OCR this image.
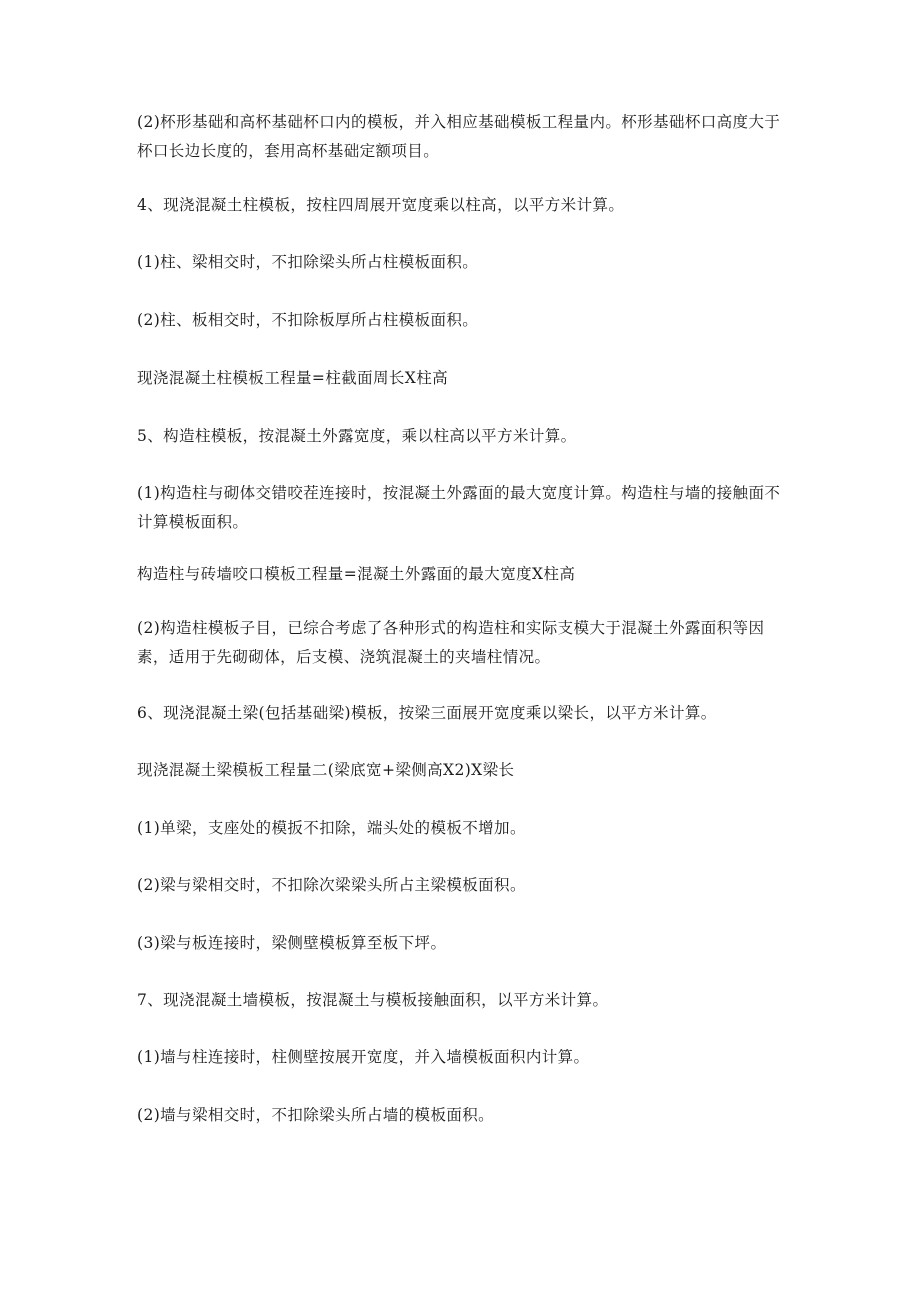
(2)杯形基础和高杯基础杯口内的模板，并入相应基础模板工程量内。杯形基础杯口高度大于杯口长边长度的，套用高杯基础定额项目。

4、现浇混凝土柱模板，按柱四周展开宽度乘以柱高，以平方米计算。

(1)柱、梁相交时，不扣除梁头所占柱模板面积。

(2)柱、板相交时，不扣除板厚所占柱模板面积。

现浇混凝土柱模板工程量=柱截面周长X柱高

5、构造柱模板，按混凝土外露宽度，乘以柱高以平方米计算。

(1)构造柱与砌体交错咬茬连接时，按混凝土外露面的最大宽度计算。构造柱与墙的接触面不计算模板面积。

构造柱与砖墙咬口模板工程量=混凝土外露面的最大宽度X柱高

(2)构造柱模板子目，已综合考虑了各种形式的构造柱和实际支模大于混凝土外露面积等因素，适用于先砌砌体，后支模、浇筑混凝土的夹墙柱情况。

6、现浇混凝土梁(包括基础梁)模板，按梁三面展开宽度乘以梁长，以平方米计算。

现浇混凝土梁模板工程量二(梁底宽+梁侧高X2)X梁长

(1)单梁，支座处的模扳不扣除，端头处的模板不增加。

(2)梁与梁相交时，不扣除次梁梁头所占主梁模板面积。

(3)梁与板连接时，梁侧壁模板算至板下坪。

7、现浇混凝土墙模板，按混凝土与模板接触面积，以平方米计算。

(1)墙与柱连接时，柱侧壁按展开宽度，并入墙模板面积内计算。

(2)墙与梁相交时，不扣除梁头所占墙的模板面积。
